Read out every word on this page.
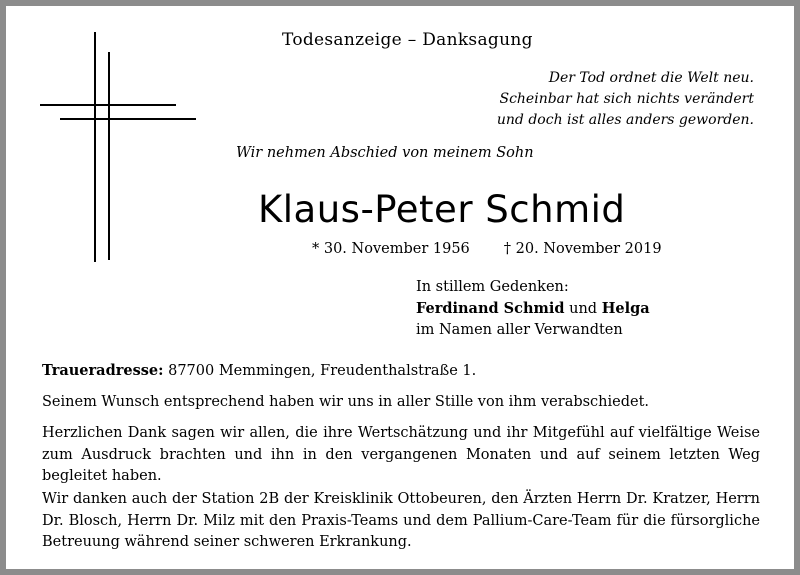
Todesanzeige – Danksagung
Der Tod ordnet die Welt neu.
Scheinbar hat sich nichts verändert
und doch ist alles anders geworden.
Wir nehmen Abschied von meinem Sohn
Klaus-Peter Schmid
* 30. November 1956 † 20. November 2019
In stillem Gedenken:
Ferdinand Schmid und Helga
im Namen aller Verwandten
Traueradresse: 87700 Memmingen, Freudenthalstraße 1.
Seinem Wunsch entsprechend haben wir uns in aller Stille von ihm verabschiedet.
Herzlichen Dank sagen wir allen, die ihre Wertschätzung und ihr Mitgefühl auf vielfältige Weise zum Ausdruck brachten und ihn in den vergangenen Monaten und auf seinem letzten Weg begleitet haben.
Wir danken auch der Station 2B der Kreisklinik Ottobeuren, den Ärzten Herrn Dr. Kratzer, Herrn Dr. Blosch, Herrn Dr. Milz mit den Praxis-Teams und dem Pallium-Care-Team für die fürsorgliche Betreuung während seiner schweren Erkrankung.
